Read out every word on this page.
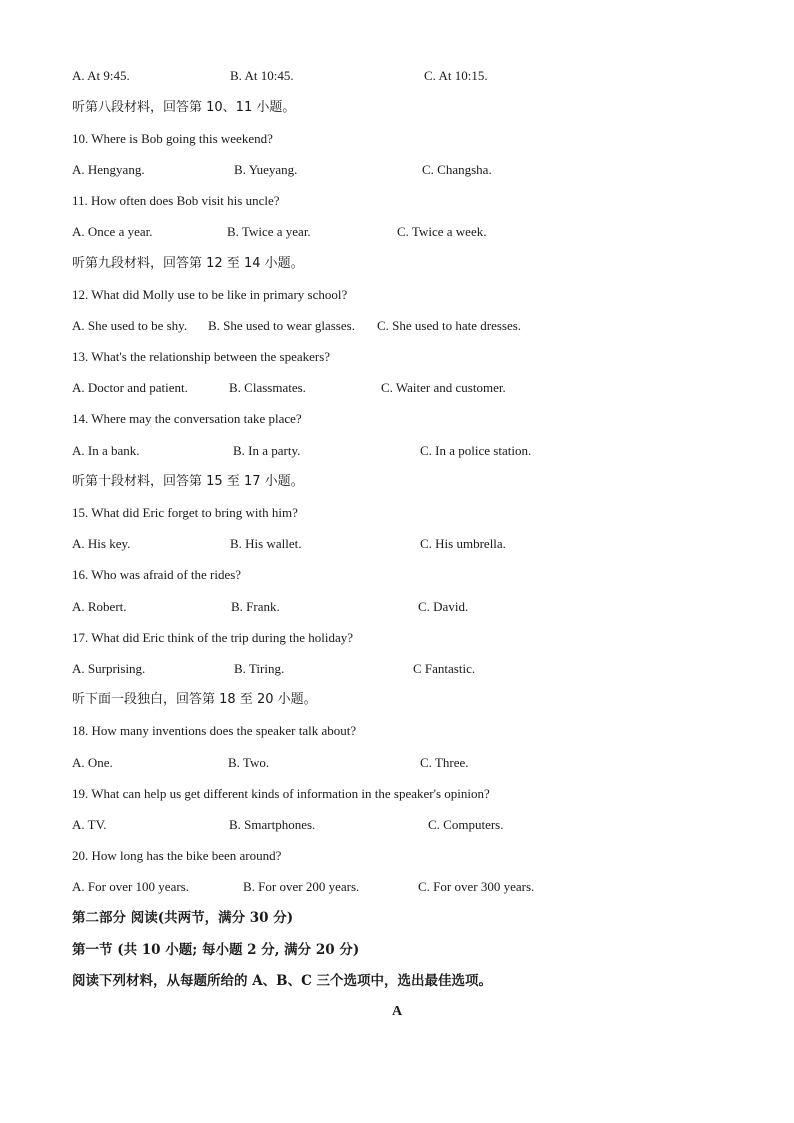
A. At 9:45.	B. At 10:45.	C. At 10:15.
听第八段材料，回答第 10、11 小题。
10. Where is Bob going this weekend?
A. Hengyang.	B. Yueyang.	C. Changsha.
11. How often does Bob visit his uncle?
A. Once a year.	B. Twice a year.	C. Twice a week.
听第九段材料，回答第 12 至 14 小题。
12. What did Molly use to be like in primary school?
A. She used to be shy. B. She used to wear glasses. C. She used to hate dresses.
13. What's the relationship between the speakers?
A. Doctor and patient.	B. Classmates.	C. Waiter and customer.
14. Where may the conversation take place?
A. In a bank.	B. In a party.	C. In a police station.
听第十段材料，回答第 15 至 17 小题。
15. What did Eric forget to bring with him?
A. His key.	B. His wallet.	C. His umbrella.
16. Who was afraid of the rides?
A. Robert.	B. Frank.	C. David.
17. What did Eric think of the trip during the holiday?
A. Surprising.	B. Tiring.	C Fantastic.
听下面一段独白，回答第 18 至 20 小题。
18. How many inventions does the speaker talk about?
A. One.	B. Two.	C. Three.
19. What can help us get different kinds of information in the speaker's opinion?
A. TV.	B. Smartphones.	C. Computers.
20. How long has the bike been around?
A. For over 100 years.	B. For over 200 years.	C. For over 300 years.
第二部分 阅读(共两节，满分 30 分)
第一节 (共 10 小题; 每小题 2 分, 满分 20 分)
阅读下列材料，从每题所给的 A、B、C 三个选项中，选出最佳选项。
A
